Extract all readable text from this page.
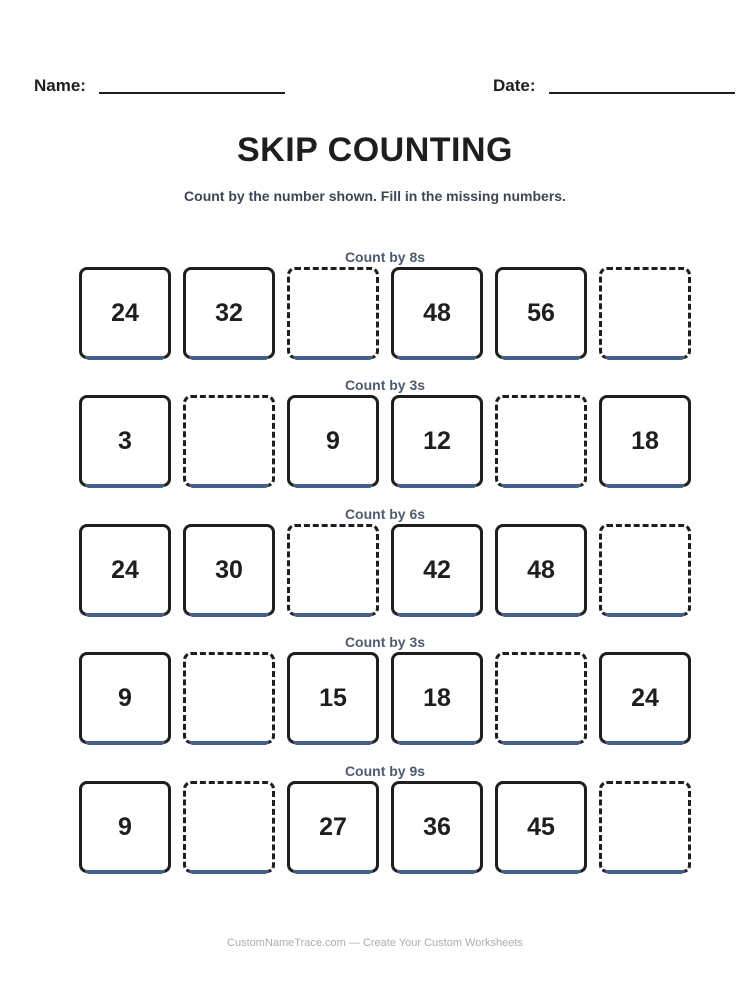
Name:	Date:
SKIP COUNTING
Count by the number shown. Fill in the missing numbers.
Count by 8s
24	32	48	56
Count by 3s
3	9	12	18
Count by 6s
24	30	42	48
Count by 3s
9	15	18	24
Count by 9s
9	27	36	45
CustomNameTrace.com — Create Your Custom Worksheets
